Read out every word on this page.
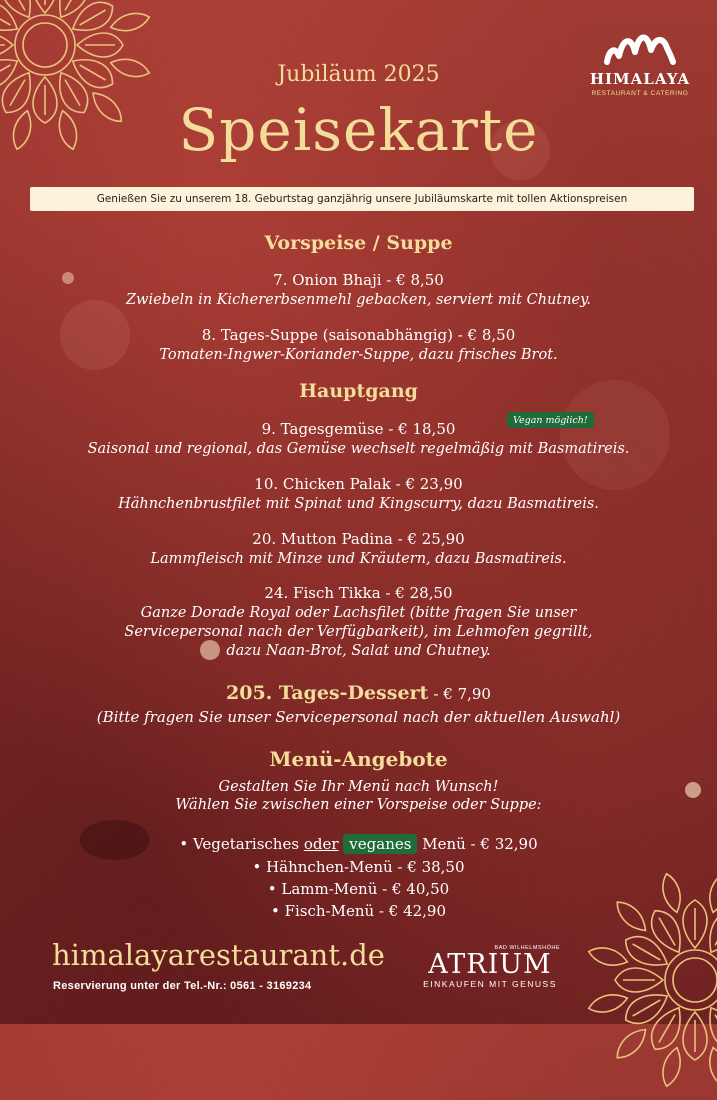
HIMALAYA
RESTAURANT & CATERING
Jubiläum 2025
Speisekarte
Genießen Sie zu unserem 18. Geburtstag ganzjährig unsere Jubiläumskarte mit tollen Aktionspreisen
Vorspeise / Suppe
7. Onion Bhaji - € 8,50
Zwiebeln in Kichererbsenmehl gebacken, serviert mit Chutney.
8. Tages-Suppe (saisonabhängig) - € 8,50
Tomaten-Ingwer-Koriander-Suppe, dazu frisches Brot.
Hauptgang
9. Tagesgemüse - € 18,50	Vegan möglich!
Saisonal und regional, das Gemüse wechselt regelmäßig mit Basmatireis.
10. Chicken Palak - € 23,90
Hähnchenbrustfilet mit Spinat und Kingscurry, dazu Basmatireis.
20. Mutton Padina - € 25,90
Lammfleisch mit Minze und Kräutern, dazu Basmatireis.
24. Fisch Tikka - € 28,50
Ganze Dorade Royal oder Lachsfilet (bitte fragen Sie unser
Servicepersonal nach der Verfügbarkeit), im Lehmofen gegrillt,
dazu Naan-Brot, Salat und Chutney.
205. Tages-Dessert - € 7,90
(Bitte fragen Sie unser Servicepersonal nach der aktuellen Auswahl)
Menü-Angebote
Gestalten Sie Ihr Menü nach Wunsch!
Wählen Sie zwischen einer Vorspeise oder Suppe:
• Vegetarisches oder veganes Menü - € 32,90
• Hähnchen-Menü - € 38,50
• Lamm-Menü - € 40,50
• Fisch-Menü - € 42,90
himalayarestaurant.de
Reservierung unter der Tel.-Nr.: 0561 - 3169234
BAD WILHELMSHÖHE
ATRIUM
EINKAUFEN MIT GENUSS
